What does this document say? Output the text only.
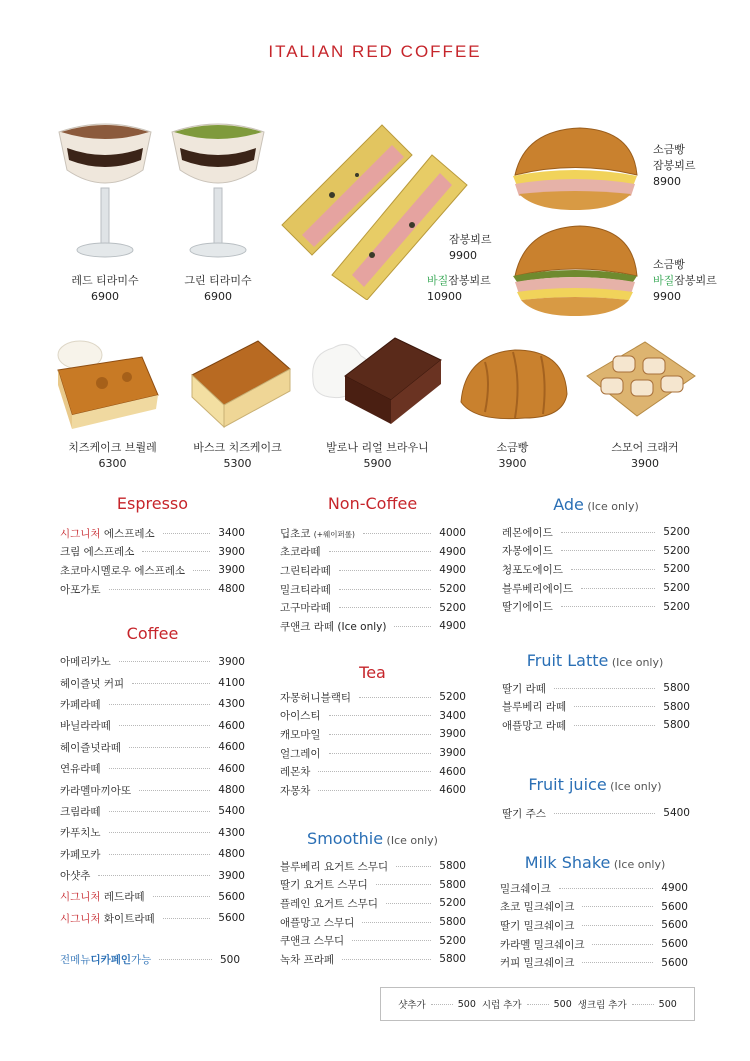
ITALIAN RED COFFEE
레드 티라미수
6900
그린 티라미수
6900
잠봉뵈르
9900
바질잠봉뵈르
10900
소금빵
잠봉뵈르
8900
소금빵
바질잠봉뵈르
9900
치즈케이크 브륄레
6300
바스크 치즈케이크
5300
발로나 리얼 브라우니
5900
소금빵
3900
스모어 크래커
3900
Espresso
시그니처 에스프레소	3400
크림 에스프레소	3900
초코마시멜로우 에스프레소	3900
아포가토	4800
Coffee
아메리카노	3900
헤이즐넛 커피	4100
카페라떼	4300
바닐라라떼	4600
헤이즐넛라떼	4600
연유라떼	4600
카라멜마끼아또	4800
크림라떼	5400
카푸치노	4300
카페모카	4800
아샷추	3900
시그니처 레드라떼	5600
시그니처 화이트라떼	5600
전메뉴 디카페인 가능	500
Non-Coffee
딥초코 (+웨이퍼롤)	4000
초코라떼	4900
그린티라떼	4900
밀크티라떼	5200
고구마라떼	5200
쿠앤크 라떼 (Ice only)	4900
Tea
자몽허니블랙티	5200
아이스티	3400
캐모마일	3900
얼그레이	3900
레몬차	4600
자몽차	4600
Smoothie (Ice only)
블루베리 요거트 스무디	5800
딸기 요거트 스무디	5800
플레인 요거트 스무디	5200
애플망고 스무디	5800
쿠앤크 스무디	5200
녹차 프라페	5800
Ade (Ice only)
레몬에이드	5200
자몽에이드	5200
청포도에이드	5200
블루베리에이드	5200
딸기에이드	5200
Fruit Latte (Ice only)
딸기 라떼	5800
블루베리 라떼	5800
애플망고 라떼	5800
Fruit juice (Ice only)
딸기 주스	5400
Milk Shake (Ice only)
밀크쉐이크	4900
초코 밀크쉐이크	5600
딸기 밀크쉐이크	5600
카라멜 밀크쉐이크	5600
커피 밀크쉐이크	5600
샷추가	500 시럽 추가	500 생크림 추가	500
